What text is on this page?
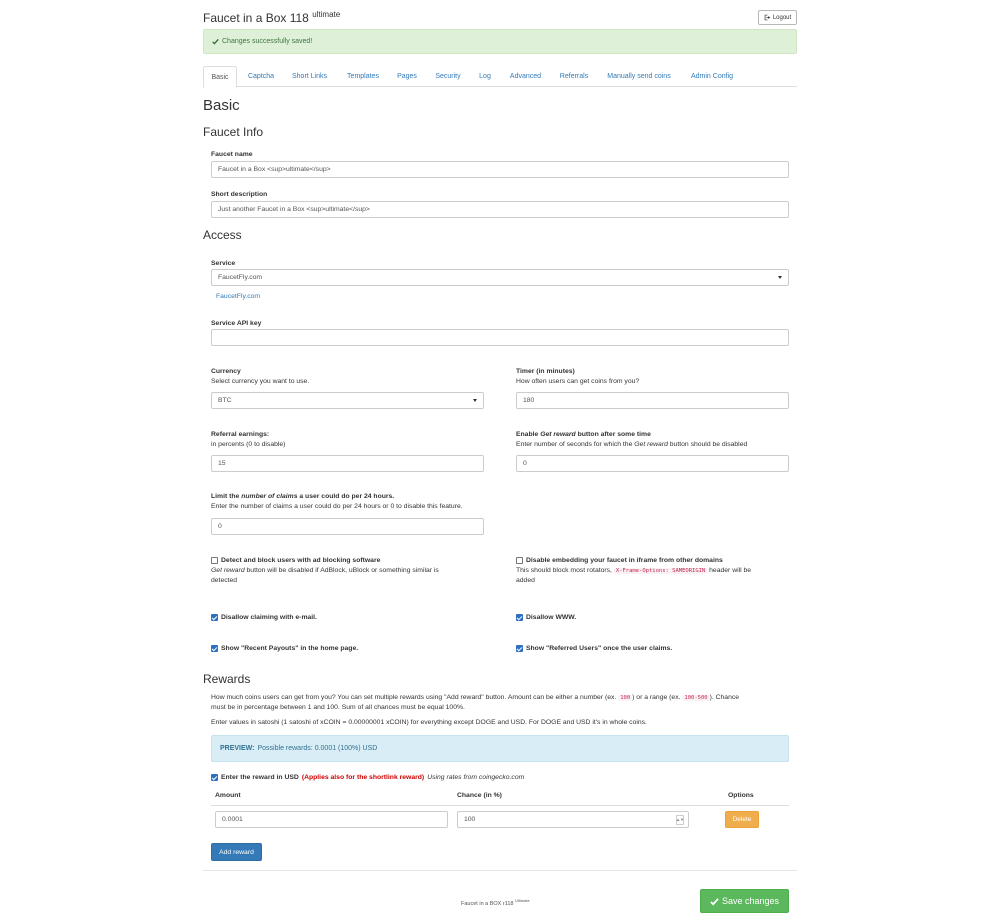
Faucet in a Box 118 $^{ultimate}$	Logout
Changes successfully saved!
Basic	Captcha	Short Links	Templates	Pages	Security	Log	Advanced	Referrals	Manually send coins	Admin Config
Basic
Faucet Info
Faucet name
Faucet in a Box <sup>ultimate</sup>
Short description
Just another Faucet in a Box <sup>ultimate</sup>
Access
Service
FaucetFly.com
FaucetFly.com
Service API key
Currency
Select currency you want to use.
BTC
Timer (in minutes)
How often users can get coins from you?
180
Referral earnings:
in percents (0 to disable)
15
Enable Get reward button after some time
Enter number of seconds for which the Get reward button should be disabled
0
Limit the number of claims a user could do per 24 hours.
Enter the number of claims a user could do per 24 hours or 0 to disable this feature.
0
Detect and block users with ad blocking software
Get reward button will be disabled if AdBlock, uBlock or something similar is
detected
Disable embedding your faucet in iframe from other domains
This should block most rotators, X-Frame-Options: SAMEORIGIN header will be
added
Disallow claiming with e-mail.	Disallow WWW.
Show "Recent Payouts" in the home page.	Show "Referred Users" once the user claims.
Rewards
How much coins users can get from you? You can set multiple rewards using "Add reward" button. Amount can be either a number (ex. 100 ) or a range (ex. 100-500 ). Chance
must be in percentage between 1 and 100. Sum of all chances must be equal 100%.
Enter values in satoshi (1 satoshi of xCOIN = 0.00000001 xCOIN) for everything except DOGE and USD. For DOGE and USD it's in whole coins.
PREVIEW: Possible rewards: 0.0001 (100%) USD
Enter the reward in USD (Applies also for the shortlink reward) Using rates from coingecko.com
Amount	Chance (in %)	Options
0.0001	100	▲▼	Delete
Add reward
Faucet in a BOX r118 $^{Ultimate}$	Save changes
